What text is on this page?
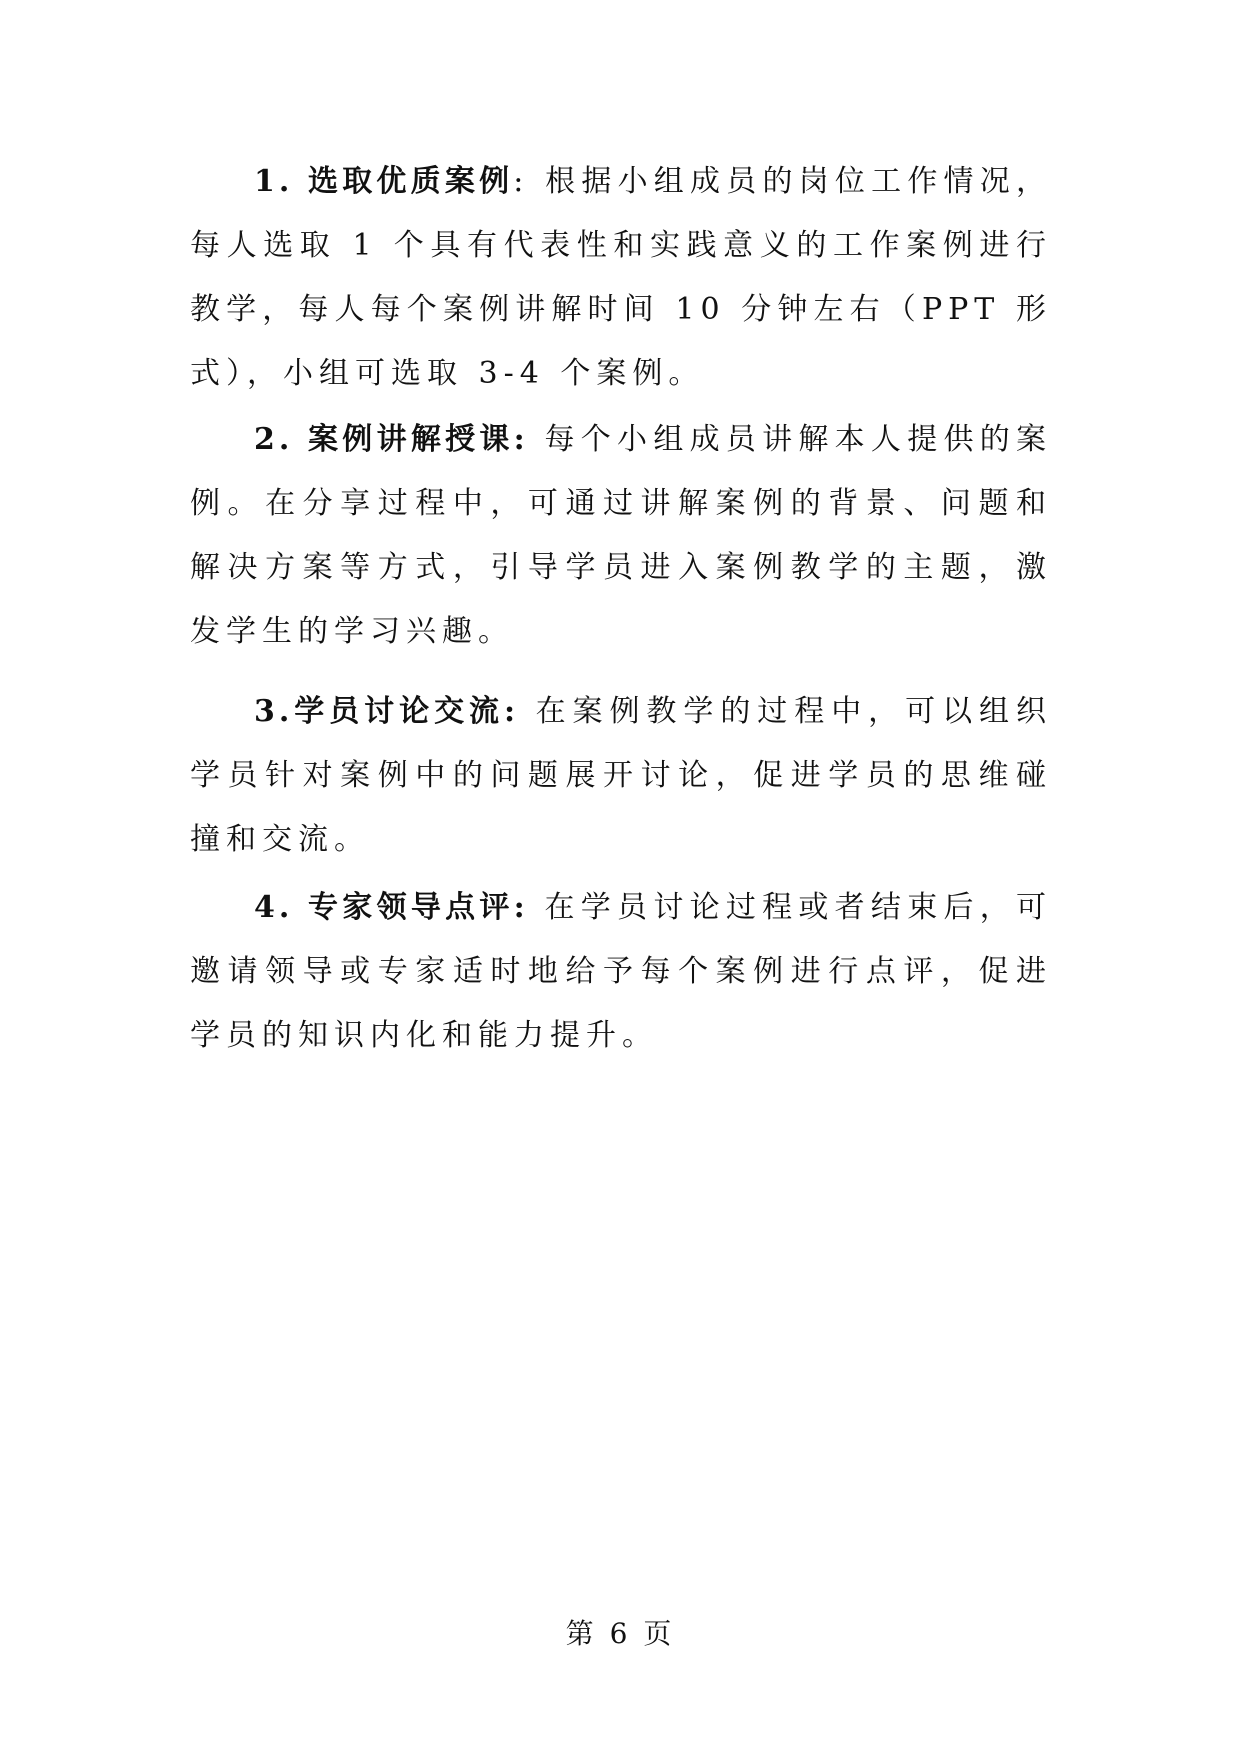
1. 选取优质案例: 根据小组成员的岗位工作情况，每人选取 1 个具有代表性和实践意义的工作案例进行教学，每人每个案例讲解时间 10 分钟左右（PPT 形式），小组可选取 3-4 个案例。

2. 案例讲解授课: 每个小组成员讲解本人提供的案例。在分享过程中，可通过讲解案例的背景、问题和解决方案等方式，引导学员进入案例教学的主题，激发学生的学习兴趣。

3.学员讨论交流: 在案例教学的过程中，可以组织学员针对案例中的问题展开讨论，促进学员的思维碰撞和交流。

4. 专家领导点评: 在学员讨论过程或者结束后，可邀请领导或专家适时地给予每个案例进行点评，促进学员的知识内化和能力提升。

第 6 页
